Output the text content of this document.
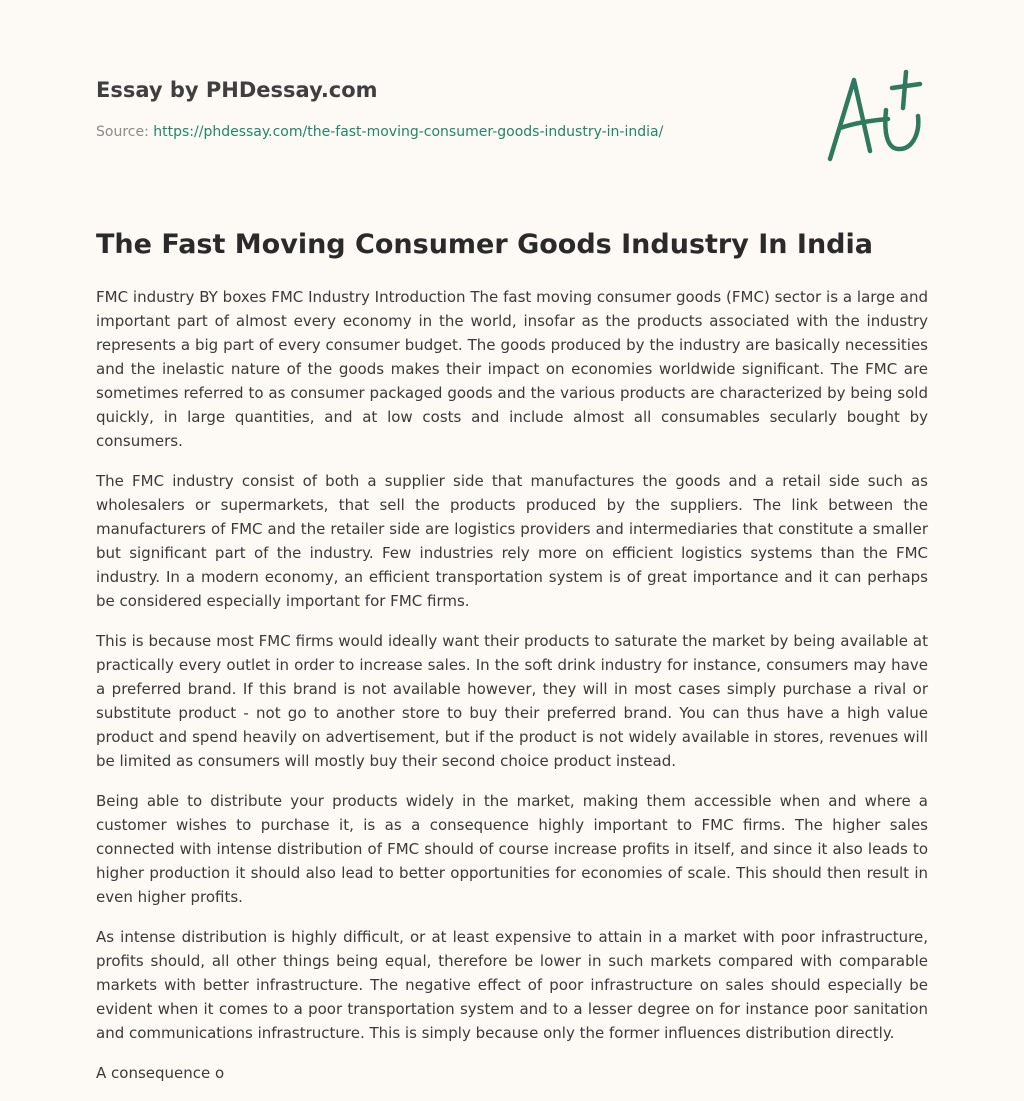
Essay by PHDessay.com
Source: https://phdessay.com/the-fast-moving-consumer-goods-industry-in-india/
The Fast Moving Consumer Goods Industry In India

FMC industry BY boxes FMC Industry Introduction The fast moving consumer goods (FMC) sector is a large and important part of almost every economy in the world, insofar as the products associated with the industry represents a big part of every consumer budget. The goods produced by the industry are basically necessities and the inelastic nature of the goods makes their impact on economies worldwide significant. The FMC are sometimes referred to as consumer packaged goods and the various products are characterized by being sold quickly, in large quantities, and at low costs and include almost all consumables secularly bought by consumers.

The FMC industry consist of both a supplier side that manufactures the goods and a retail side such as wholesalers or supermarkets, that sell the products produced by the suppliers. The link between the manufacturers of FMC and the retailer side are logistics providers and intermediaries that constitute a smaller but significant part of the industry. Few industries rely more on efficient logistics systems than the FMC industry. In a modern economy, an efficient transportation system is of great importance and it can perhaps be considered especially important for FMC firms.

This is because most FMC firms would ideally want their products to saturate the market by being available at practically every outlet in order to increase sales. In the soft drink industry for instance, consumers may have a preferred brand. If this brand is not available however, they will in most cases simply purchase a rival or substitute product - not go to another store to buy their preferred brand. You can thus have a high value product and spend heavily on advertisement, but if the product is not widely available in stores, revenues will be limited as consumers will mostly buy their second choice product instead.

Being able to distribute your products widely in the market, making them accessible when and where a customer wishes to purchase it, is as a consequence highly important to FMC firms. The higher sales connected with intense distribution of FMC should of course increase profits in itself, and since it also leads to higher production it should also lead to better opportunities for economies of scale. This should then result in even higher profits.

As intense distribution is highly difficult, or at least expensive to attain in a market with poor infrastructure, profits should, all other things being equal, therefore be lower in such markets compared with comparable markets with better infrastructure. The negative effect of poor infrastructure on sales should especially be evident when it comes to a poor transportation system and to a lesser degree on for instance poor sanitation and communications infrastructure. This is simply because only the former influences distribution directly.

A consequence o
